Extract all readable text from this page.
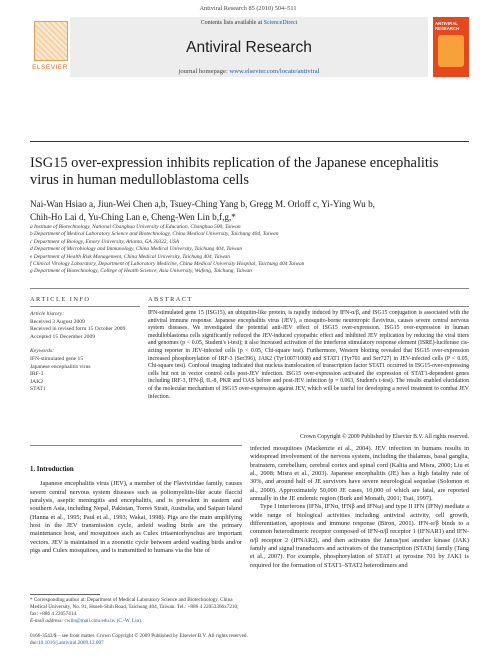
Antiviral Research 85 (2010) 504–511
ELSEVIER
Contents lists available at ScienceDirect
Antiviral Research
journal homepage: www.elsevier.com/locate/antiviral
ANTIVIRAL RESEARCH
ISG15 over-expression inhibits replication of the Japanese encephalitis virus in human medulloblastoma cells
Nai-Wan Hsiao a, Jiun-Wei Chen a,b, Tsuey-Ching Yang b, Gregg M. Orloff c, Yi-Ying Wu b,
Chih-Ho Lai d, Yu-Ching Lan e, Cheng-Wen Lin b,f,g,*
a Institute of Biotechnology, National Changhua University of Education, Changhua 500, Taiwan
b Department of Medical Laboratory Science and Biotechnology, China Medical University, Taichung 404, Taiwan
c Department of Biology, Emory University, Atlanta, GA 30322, USA
d Department of Microbiology and Immunology, China Medical University, Taichung 404, Taiwan
e Department of Health Risk Management, China Medical University, Taichung 404, Taiwan
f Clinical Virology Laboratory, Department of Laboratory Medicine, China Medical University Hospital, Taichung 404 Taiwan
g Department of Biotechnology, College of Health Science, Asia University, Wufeng, Taichung, Taiwan
ARTICLE INFO	ABSTRACT
Article history:
Received 3 August 2009
Received in revised form 15 October 2009
Accepted 15 December 2009
Keywords:
IFN-stimulated gene 15
Japanese encephalitis virus
IRF-3
JAK2
STAT1
IFN-stimulated gene 15 (ISG15), an ubiquitin-like protein, is rapidly induced by IFN-α/β, and ISG15 conjugation is associated with the antiviral immune response. Japanese encephalitis virus (JEV), a mosquito-borne neurotropic flavivirus, causes severe central nervous system diseases. We investigated the potential anti-JEV effect of ISG15 over-expression. ISG15 over-expression in human medulloblastoma cells significantly reduced the JEV-induced cytopathic effect and inhibited JEV replication by reducing the viral titers and genomes (p < 0.05, Student's t-test); it also increased activation of the interferon stimulatory response element (ISRE)-luciferase cis-acting reporter in JEV-infected cells (p < 0.05, Chi-square test). Furthermore, Western blotting revealed that ISG15 over-expression increased phosphorylation of IRF-3 (Ser396), JAK2 (Tyr1007/1008) and STAT1 (Tyr701 and Ser727) in JEV-infected cells (P < 0.05, Chi-square test). Confocal imaging indicated that nucleus translocation of transcription factor STAT1 occurred in ISG15-over-expressing cells but not in vector control cells post-JEV infection. ISG15 over-expression activated the expression of STAT1-dependent genes including IRF-3, IFN-β, IL-8, PKR and OAS before and post-JEV infection (p = 0.063, Student's t-test). The results enabled elucidation of the molecular mechanism of ISG15 over-expression against JEV, which will be useful for developing a novel treatment to combat JEV infection.
Crown Copyright © 2009 Published by Elsevier B.V. All rights reserved.
1. Introduction

Japanese encephalitis virus (JEV), a member of the Flaviviridae family, causes severe central nervous system diseases such as poliomyelitis-like acute flaccid paralysis, aseptic meningitis and encephalitis, and is prevalent in eastern and southern Asia, including Nepal, Pakistan, Torres Strait, Australia, and Saipan Island (Hanna et al., 1995; Paul et al., 1993; Wakai, 1998). Pigs are the main amplifying host in the JEV transmission cycle, ardeid wading birds are the primary maintenance host, and mosquitoes such as Culex tritaeniorhynchus are important vectors. JEV is maintained in a zoonotic cycle between ardeid wading birds and/or pigs and Culex mosquitoes, and is transmitted to humans via the bite of

infected mosquitoes (Mackenzie et al., 2004). JEV infection in humans results in widespread involvement of the nervous system, including the thalamus, basal ganglia, brainstem, cerebellum, cerebral cortex and spinal cord (Kalita and Misra, 2000; Liu et al., 2008; Misra et al., 2003). Japanese encephalitis (JE) has a high fatality rate of 30%, and around half of JE survivors have severe neurological sequelae (Solomon et al., 2000). Approximately 50,000 JE cases, 10,000 of which are fatal, are reported annually in the JE endemic region (Burk and Monath, 2001; Tsai, 1997).

Type I interferons (IFNs, IFNα, IFNβ and IFNω) and type II IFN (IFNγ) mediate a wide range of biological activities including antiviral activity, cell growth, differentiation, apoptosis and immune response (Biron, 2001). IFN-α/β binds to a common heterodimeric receptor composed of IFN-α/β receptor 1 (IFNAR1) and IFN-α/β receptor 2 (IFNAR2), and then activates the Janus/just another kinase (JAK) family and signal transducers and activators of the transcription (STATs) family (Tang et al., 2007). For example, phosphorylation of STAT1 at tyrosine 701 by JAK1 is required for the formation of STAT1–STAT2 heterodimers and

* Corresponding author at: Department of Medical Laboratory Science and Biotechnology, China Medical University, No. 91, Hsueh-Shih Road, Taichung 404, Taiwan. Tel.: +886 4 22053366x7210; fax: +886 4 22057414.
E-mail address: cwlin@mail.cmu.edu.tw (C.-W. Lin).
0166-3542/$ – see front matter. Crown Copyright © 2009 Published by Elsevier B.V. All rights reserved.
doi:10.1016/j.antiviral.2009.12.007
